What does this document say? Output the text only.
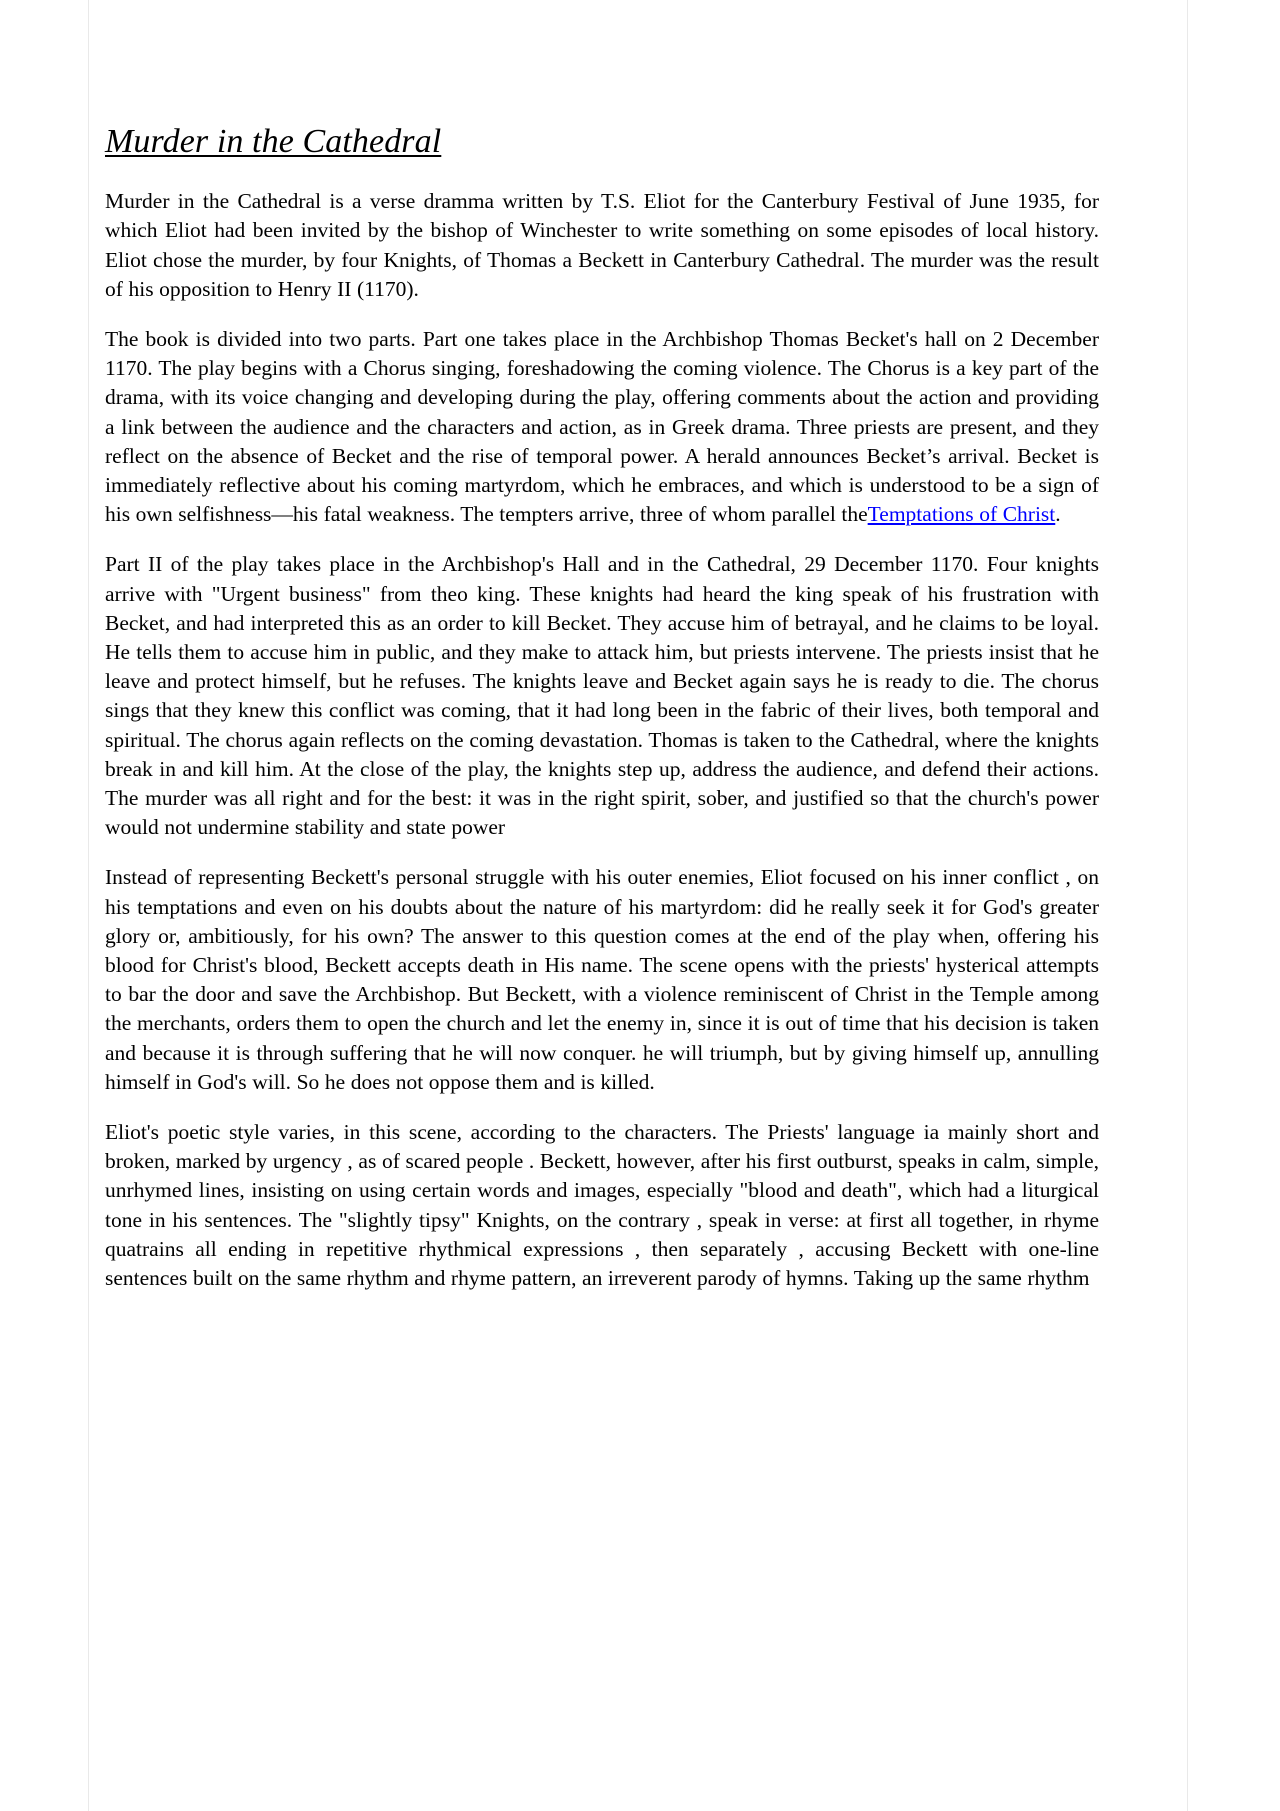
Murder in the Cathedral

Murder in the Cathedral is a verse dramma written by T.S. Eliot for the Canterbury Festival of June 1935, for which Eliot had been invited by the bishop of Winchester to write something on some episodes of local history. Eliot chose the murder, by four Knights, of Thomas a Beckett in Canterbury Cathedral. The murder was the result of his opposition to Henry II (1170).

The book is divided into two parts. Part one takes place in the Archbishop Thomas Becket's hall on 2 December 1170. The play begins with a Chorus singing, foreshadowing the coming violence. The Chorus is a key part of the drama, with its voice changing and developing during the play, offering comments about the action and providing a link between the audience and the characters and action, as in Greek drama. Three priests are present, and they reflect on the absence of Becket and the rise of temporal power. A herald announces Becket’s arrival. Becket is immediately reflective about his coming martyrdom, which he embraces, and which is understood to be a sign of his own selfishness—his fatal weakness. The tempters arrive, three of whom parallel theTemptations of Christ.

Part II of the play takes place in the Archbishop's Hall and in the Cathedral, 29 December 1170. Four knights arrive with "Urgent business" from theo king. These knights had heard the king speak of his frustration with Becket, and had interpreted this as an order to kill Becket. They accuse him of betrayal, and he claims to be loyal. He tells them to accuse him in public, and they make to attack him, but priests intervene. The priests insist that he leave and protect himself, but he refuses. The knights leave and Becket again says he is ready to die. The chorus sings that they knew this conflict was coming, that it had long been in the fabric of their lives, both temporal and spiritual. The chorus again reflects on the coming devastation. Thomas is taken to the Cathedral, where the knights break in and kill him. At the close of the play, the knights step up, address the audience, and defend their actions. The murder was all right and for the best: it was in the right spirit, sober, and justified so that the church's power would not undermine stability and state power

Instead of representing Beckett's personal struggle with his outer enemies, Eliot focused on his inner conflict , on his temptations and even on his doubts about the nature of his martyrdom: did he really seek it for God's greater glory or, ambitiously, for his own? The answer to this question comes at the end of the play when, offering his blood for Christ's blood, Beckett accepts death in His name. The scene opens with the priests' hysterical attempts to bar the door and save the Archbishop. But Beckett, with a violence reminiscent of Christ in the Temple among the merchants, orders them to open the church and let the enemy in, since it is out of time that his decision is taken and because it is through suffering that he will now conquer. he will triumph, but by giving himself up, annulling himself in God's will. So he does not oppose them and is killed.

Eliot's poetic style varies, in this scene, according to the characters. The Priests' language ia mainly short and broken, marked by urgency , as of scared people . Beckett, however, after his first outburst, speaks in calm, simple, unrhymed lines, insisting on using certain words and images, especially "blood and death", which had a liturgical tone in his sentences. The "slightly tipsy" Knights, on the contrary , speak in verse: at first all together, in rhyme quatrains all ending in repetitive rhythmical expressions , then separately , accusing Beckett with one-line sentences built on the same rhythm and rhyme pattern, an irreverent parody of hymns. Taking up the same rhythm
